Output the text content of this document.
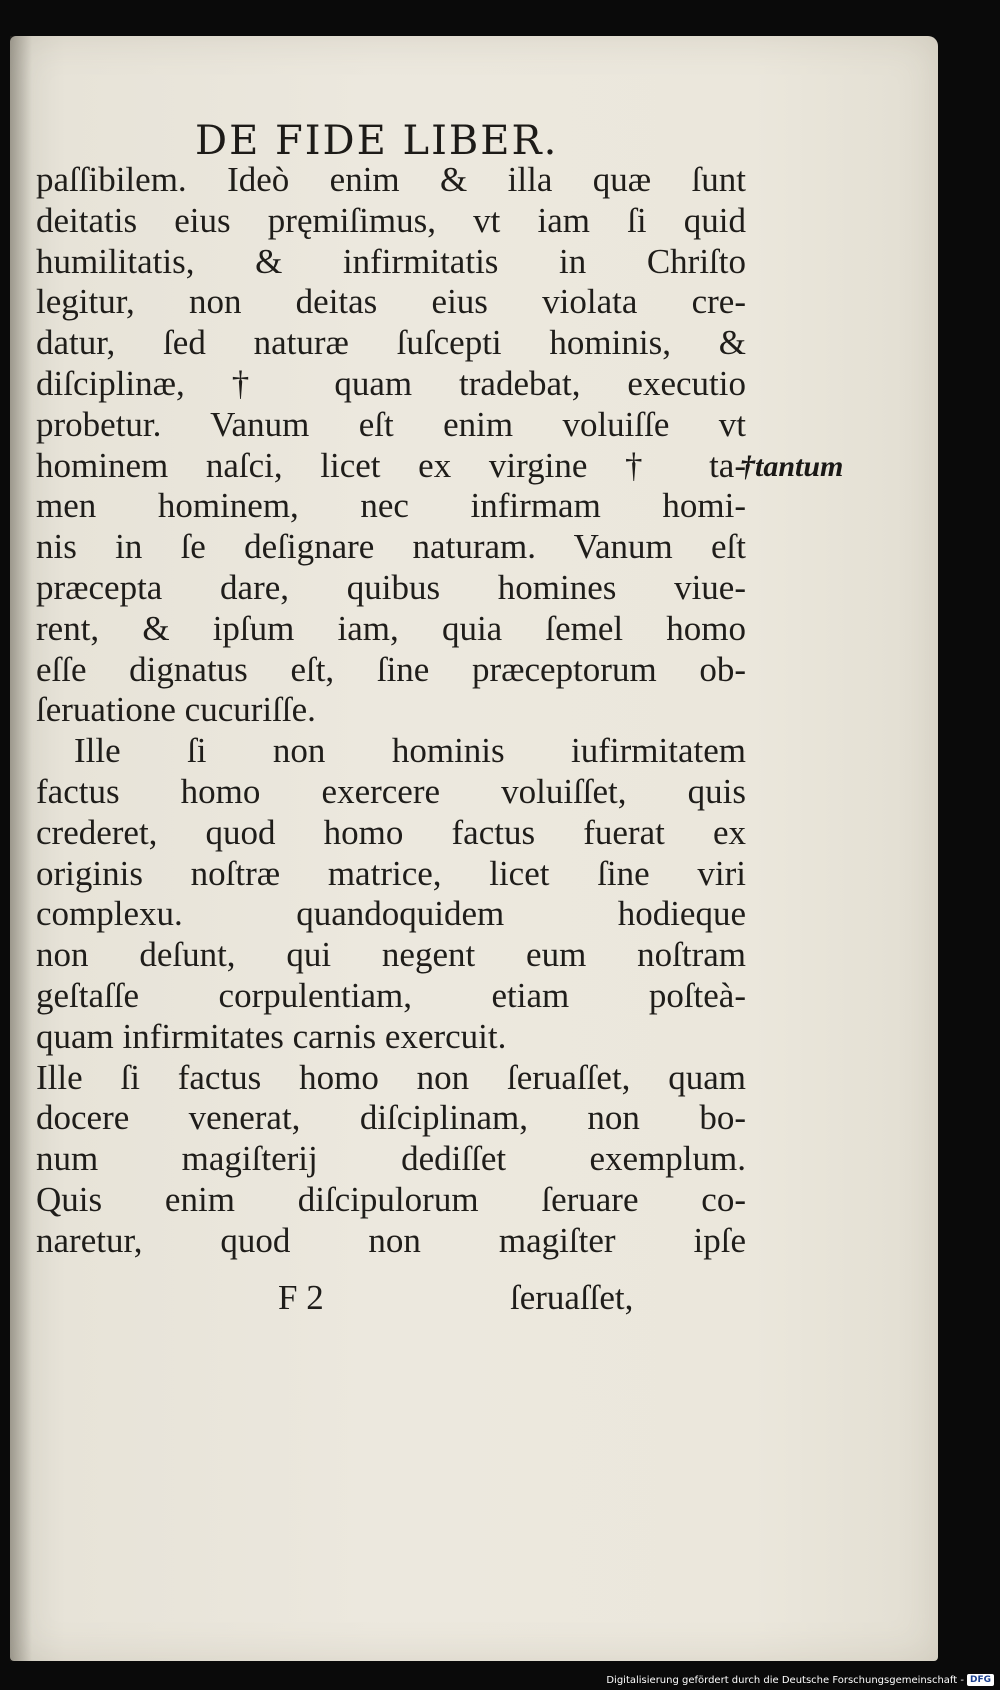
DE FIDE LIBER.
paſſibilem. Ideò enim & illa quæ ſunt
deitatis eius pręmiſimus, vt iam ſi quid
humilitatis, & infirmitatis in Chriſto
legitur, non deitas eius violata cre-
datur, ſed naturæ ſuſcepti hominis, &
diſciplinæ, † quam tradebat, executio
probetur. Vanum eſt enim voluiſſe vt
hominem naſci, licet ex virgine † ta-
men hominem, nec infirmam homi-
nis in ſe deſignare naturam. Vanum eſt
præcepta dare, quibus homines viue-
rent, & ipſum iam, quia ſemel homo
eſſe dignatus eſt, ſine præceptorum ob-
ſeruatione cucuriſſe.
Ille ſi non hominis iufirmitatem
factus homo exercere voluiſſet, quis
crederet, quod homo factus fuerat ex
originis noſtræ matrice, licet ſine viri
complexu. quandoquidem hodieque
non deſunt, qui negent eum noſtram
geſtaſſe corpulentiam, etiam poſteà-
quam infirmitates carnis exercuit.
Ille ſi factus homo non ſeruaſſet, quam
docere venerat, diſciplinam, non bo-
num magiſterij dediſſet exemplum.
Quis enim diſcipulorum ſeruare co-
naretur, quod non magiſter ipſe
†tantum
F 2	ſeruaſſet,
Digitalisierung gefördert durch die Deutsche Forschungsgemeinschaft - DFG
